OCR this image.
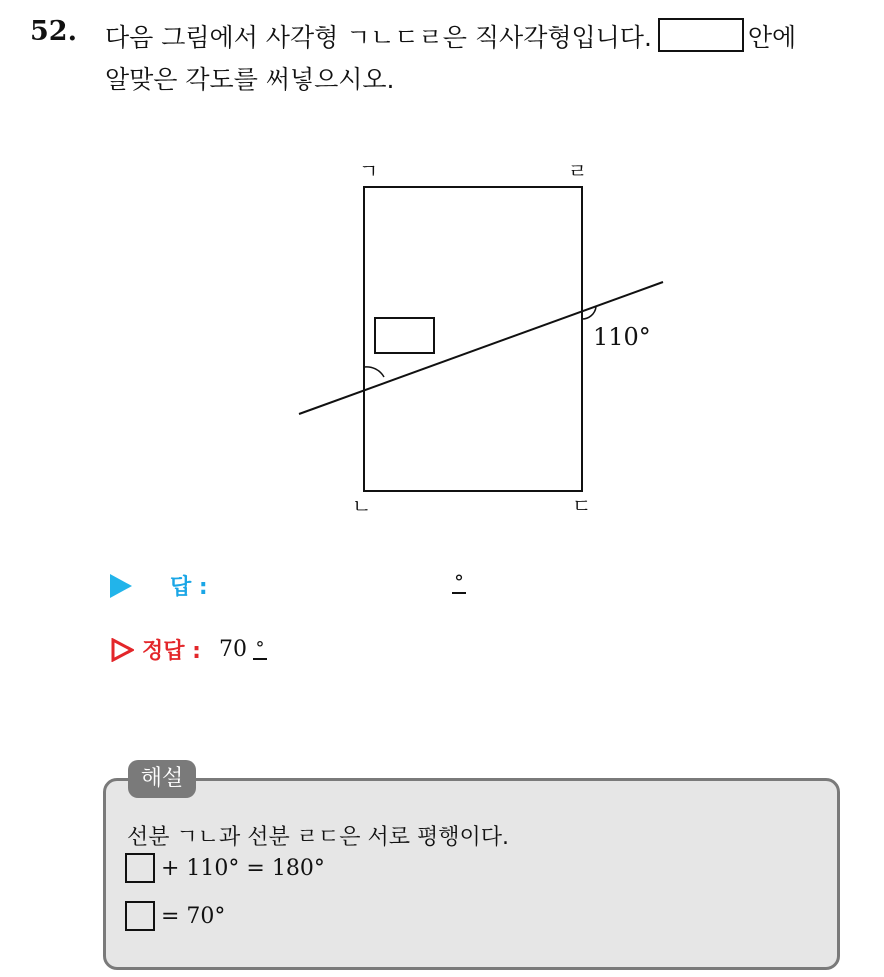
52. 다음 그림에서 사각형 ㄱㄴㄷㄹ은 직사각형입니다.	안에
알맞은 각도를 써넣으시오.
ㄱ	ㄹ
ㄴ	ㄷ
110°
답 :	°
정답 : 70 °
해설
선분 ㄱㄴ과 선분 ㄹㄷ은 서로 평행이다.
+ 110° = 180°
= 70°
